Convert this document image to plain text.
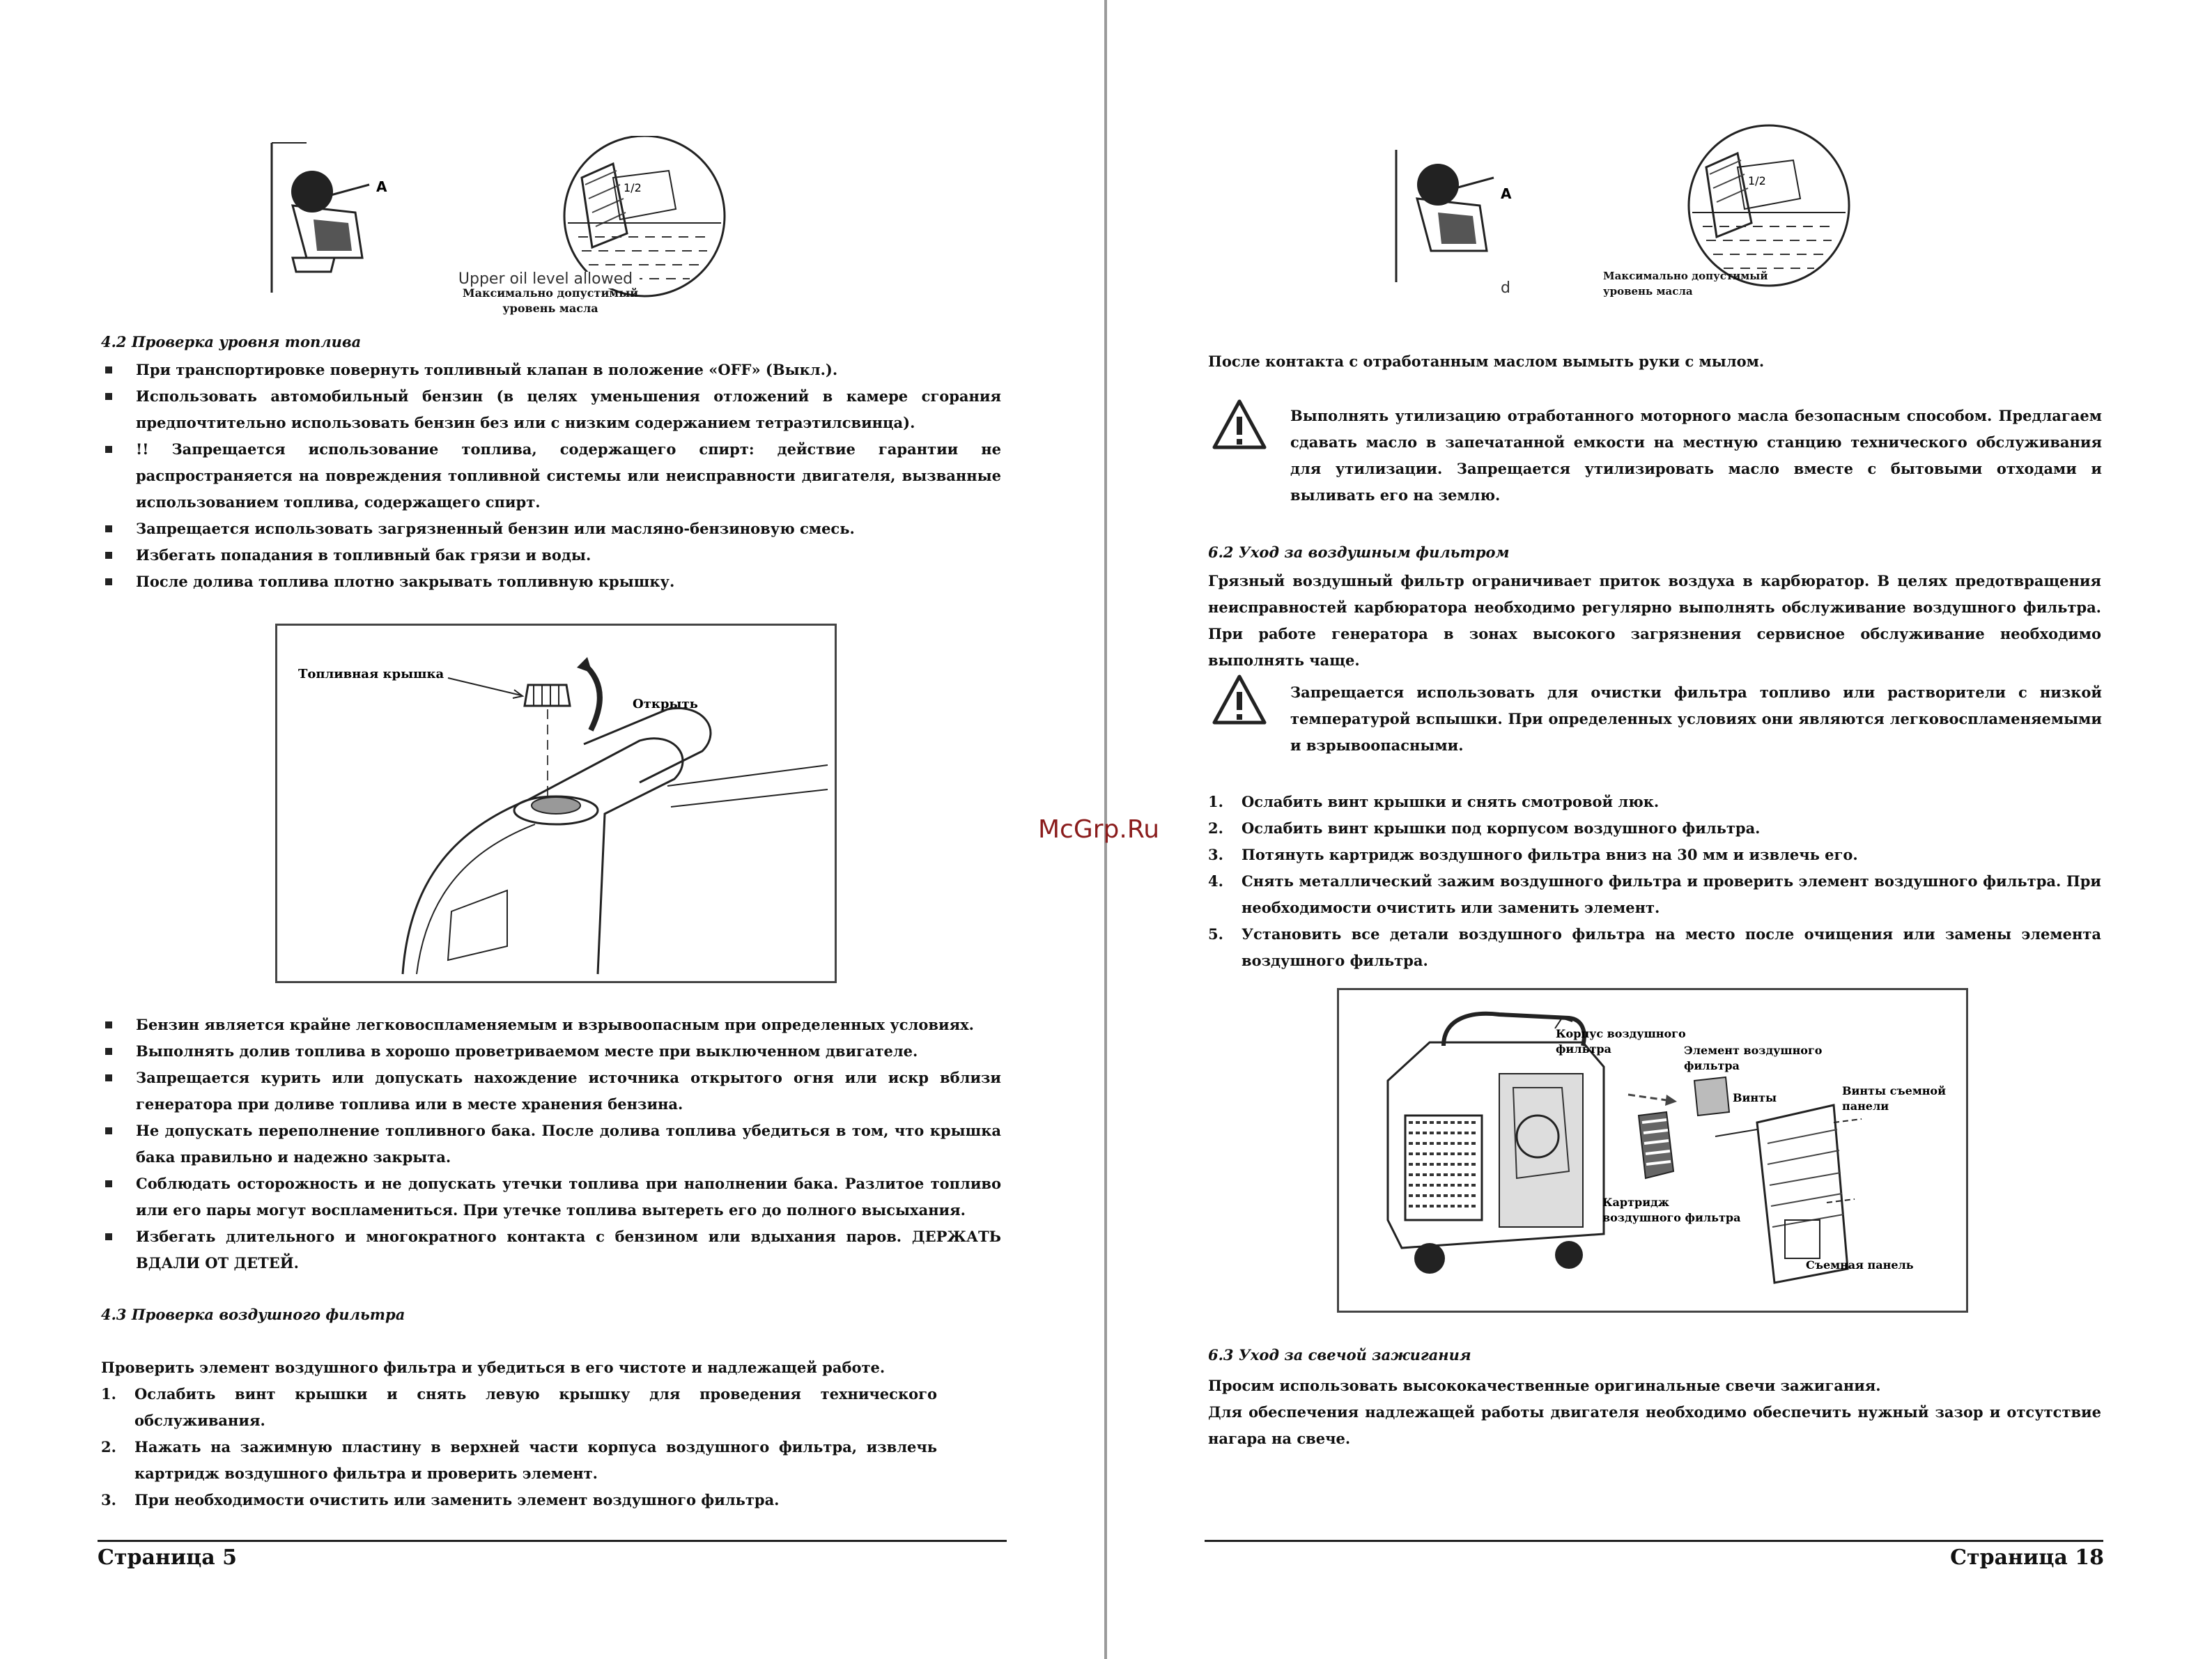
A	1/2
Upper oil level allowed
Максимально допустимый
уровень масла
4.2 Проверка уровня топлива
При транспортировке повернуть топливный клапан в положение «OFF» (Выкл.).
Использовать автомобильный бензин (в целях уменьшения отложений в камере сгорания предпочтительно использовать бензин без или с низким содержанием тетраэтилсвинца).
!! Запрещается использование топлива, содержащего спирт: действие гарантии не распространяется на повреждения топливной системы или неисправности двигателя, вызванные использованием топлива, содержащего спирт.
Запрещается использовать загрязненный бензин или масляно-бензиновую смесь.
Избегать попадания в топливный бак грязи и воды.
После долива топлива плотно закрывать топливную крышку.
Топливная крышка
Открыть
Бензин является крайне легковоспламеняемым и взрывоопасным при определенных условиях.
Выполнять долив топлива в хорошо проветриваемом месте при выключенном двигателе.
Запрещается курить или допускать нахождение источника открытого огня или искр вблизи генератора при доливе топлива или в месте хранения бензина.
Не допускать переполнение топливного бака. После долива топлива убедиться в том, что крышка бака правильно и надежно закрыта.
Соблюдать осторожность и не допускать утечки топлива при наполнении бака. Разлитое топливо или его пары могут воспламениться. При утечке топлива вытереть его до полного высыхания.
Избегать длительного и многократного контакта с бензином или вдыхания паров. ДЕРЖАТЬ ВДАЛИ ОТ ДЕТЕЙ.
4.3 Проверка воздушного фильтра
Проверить элемент воздушного фильтра и убедиться в его чистоте и надлежащей работе.
1. Ослабить винт крышки и снять левую крышку для проведения технического обслуживания.
2. Нажать на зажимную пластину в верхней части корпуса воздушного фильтра, извлечь картридж воздушного фильтра и проверить элемент.
3. При необходимости очистить или заменить элемент воздушного фильтра.
Страница 5
A
1/2
d
Максимально допустимый
уровень масла
После контакта с отработанным маслом вымыть руки с мылом.
Выполнять утилизацию отработанного моторного масла безопасным способом. Предлагаем сдавать масло в запечатанной емкости на местную станцию технического обслуживания для утилизации. Запрещается утилизировать масло вместе с бытовыми отходами и выливать его на землю.
6.2 Уход за воздушным фильтром
Грязный воздушный фильтр ограничивает приток воздуха в карбюратор. В целях предотвращения неисправностей карбюратора необходимо регулярно выполнять обслуживание воздушного фильтра. При работе генератора в зонах высокого загрязнения сервисное обслуживание необходимо выполнять чаще.
Запрещается использовать для очистки фильтра топливо или растворители с низкой температурой вспышки. При определенных условиях они являются легковоспламеняемыми и взрывоопасными.
1. Ослабить винт крышки и снять смотровой люк.
2. Ослабить винт крышки под корпусом воздушного фильтра.
3. Потянуть картридж воздушного фильтра вниз на 30 мм и извлечь его.
4. Снять металлический зажим воздушного фильтра и проверить элемент воздушного фильтра. При необходимости очистить или заменить элемент.
5. Установить все детали воздушного фильтра на место после очищения или замены элемента воздушного фильтра.
Корпус воздушного
фильтра	Элемент воздушного
фильтра
Винты
Винты съемной
панели
Картридж
воздушного фильтра
Съемная панель
6.3 Уход за свечой зажигания
Просим использовать высококачественные оригинальные свечи зажигания.
Для обеспечения надлежащей работы двигателя необходимо обеспечить нужный зазор и отсутствие нагара на свече.
Страница 18
McGrp.Ru
